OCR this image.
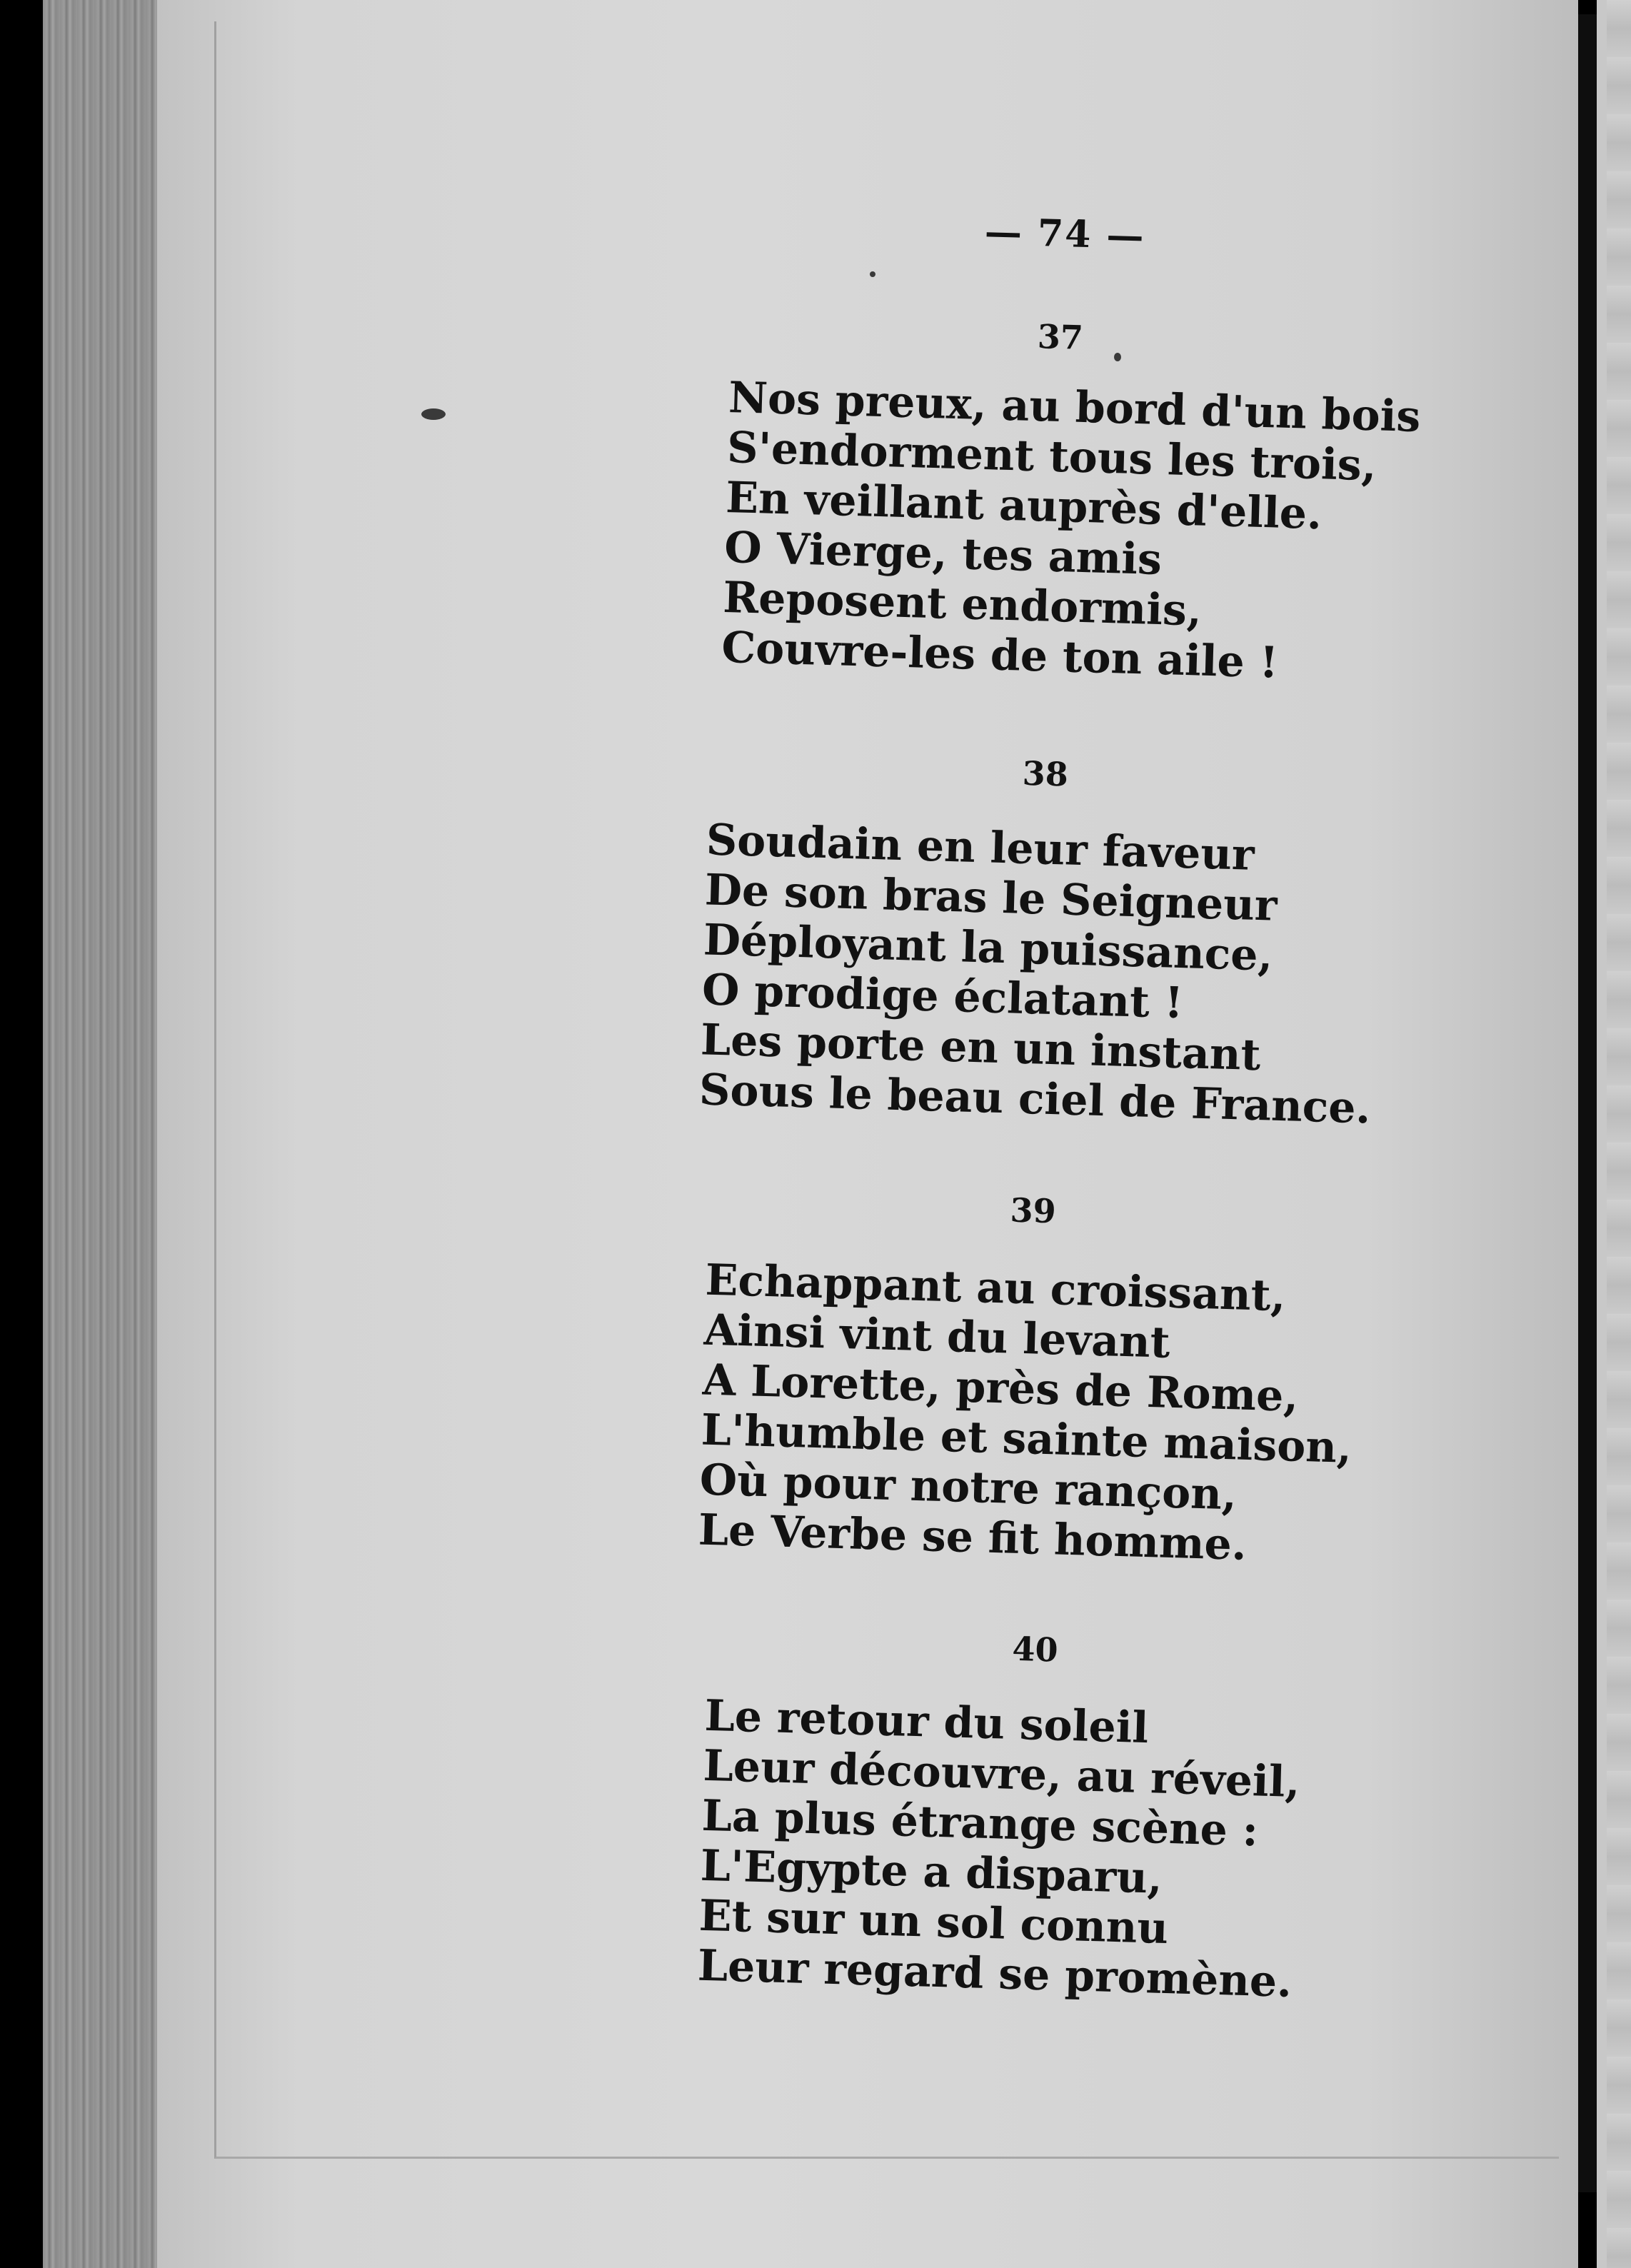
— 74 —
37
Nos preux, au bord d'un bois
S'endorment tous les trois,
En veillant auprès d'elle.
O Vierge, tes amis
Reposent endormis,
Couvre-les de ton aile !
38
Soudain en leur faveur
De son bras le Seigneur
Déployant la puissance,
O prodige éclatant !
Les porte en un instant
Sous le beau ciel de France.
39
Echappant au croissant,
Ainsi vint du levant
A Lorette, près de Rome,
L'humble et sainte maison,
Où pour notre rançon,
Le Verbe se fit homme.
40
Le retour du soleil
Leur découvre, au réveil,
La plus étrange scène :
L'Egypte a disparu,
Et sur un sol connu
Leur regard se promène.
